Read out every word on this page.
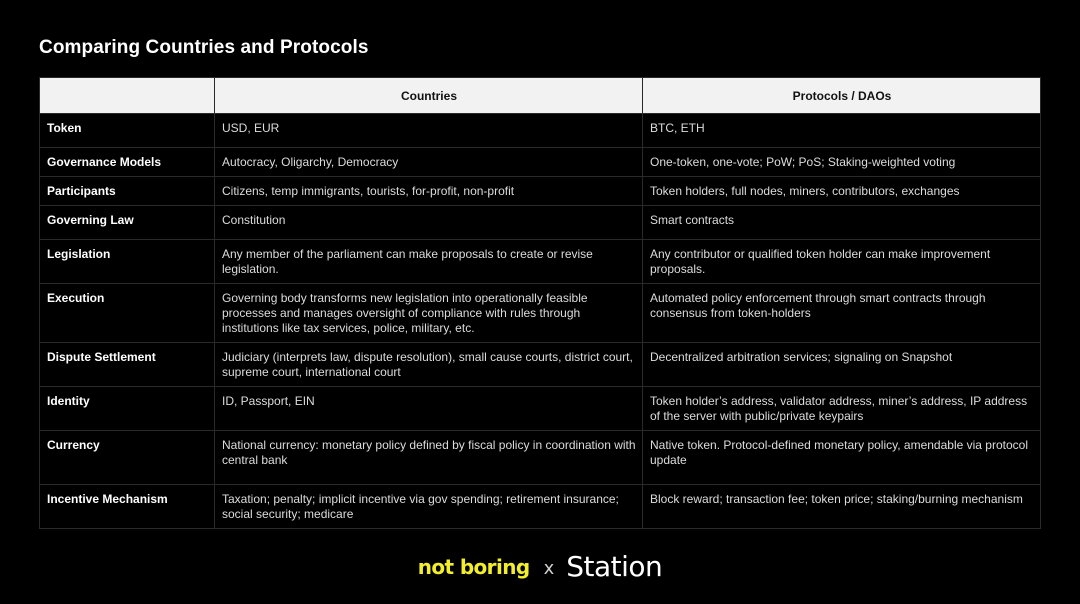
Comparing Countries and Protocols
	Countries	Protocols / DAOs
Token	USD, EUR	BTC, ETH
Governance Models	Autocracy, Oligarchy, Democracy	One-token, one-vote; PoW; PoS; Staking-weighted voting
Participants	Citizens, temp immigrants, tourists, for-profit, non-profit	Token holders, full nodes, miners, contributors, exchanges
Governing Law	Constitution	Smart contracts
Legislation	Any member of the parliament can make proposals to create or revise legislation.	Any contributor or qualified token holder can make improvement proposals.
Execution	Governing body transforms new legislation into operationally feasible processes and manages oversight of compliance with rules through institutions like tax services, police, military, etc.	Automated policy enforcement through smart contracts through consensus from token-holders
Dispute Settlement	Judiciary (interprets law, dispute resolution), small cause courts, district court, supreme court, international court	Decentralized arbitration services; signaling on Snapshot
Identity	ID, Passport, EIN	Token holder’s address, validator address, miner’s address, IP address of the server with public/private keypairs
Currency	National currency: monetary policy defined by fiscal policy in coordination with central bank	Native token. Protocol-defined monetary policy, amendable via protocol update
Incentive Mechanism	Taxation; penalty; implicit incentive via gov spending; retirement insurance; social security; medicare	Block reward; transaction fee; token price; staking/burning mechanism
not boring x Station
